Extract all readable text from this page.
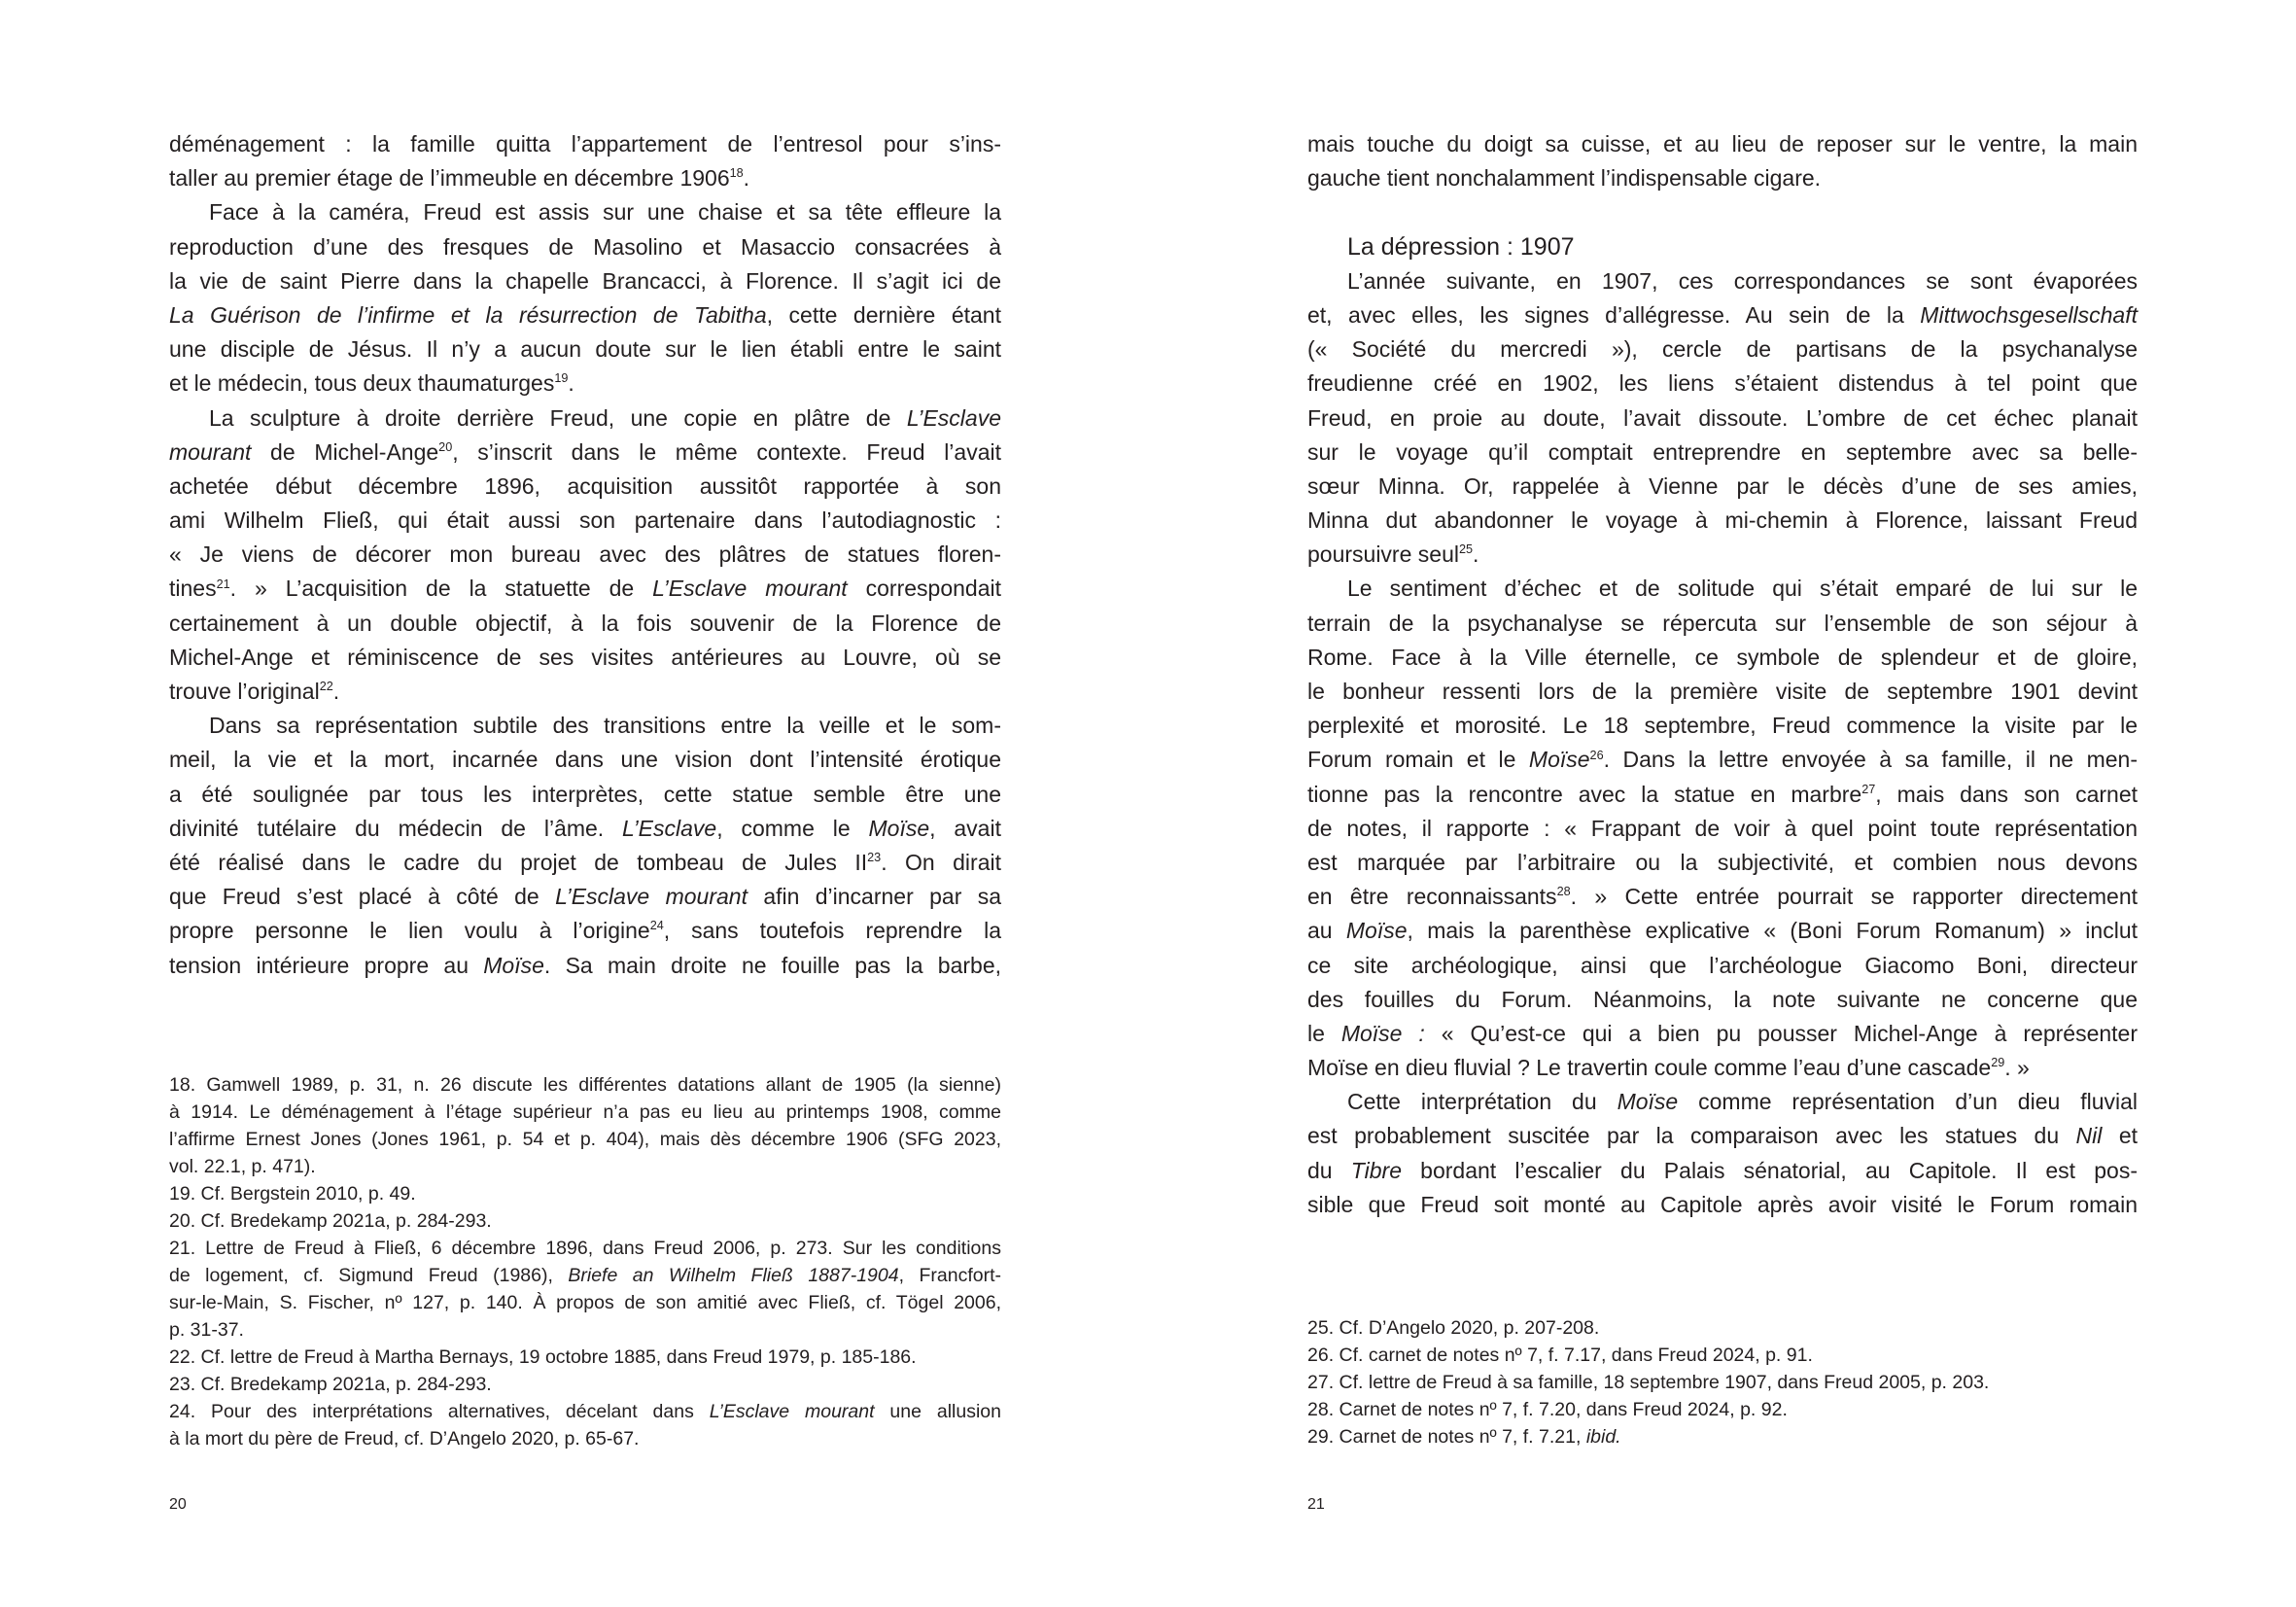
déménagement : la famille quitta l’appartement de l’entresol pour s’ins-
taller au premier étage de l’immeuble en décembre 1906$^{18}$.
Face à la caméra, Freud est assis sur une chaise et sa tête effleure la
reproduction d’une des fresques de Masolino et Masaccio consacrées à
la vie de saint Pierre dans la chapelle Brancacci, à Florence. Il s’agit ici de
La Guérison de l’infirme et la résurrection de Tabitha, cette dernière étant
une disciple de Jésus. Il n’y a aucun doute sur le lien établi entre le saint
et le médecin, tous deux thaumaturges$^{19}$.
La sculpture à droite derrière Freud, une copie en plâtre de L’Esclave
mourant de Michel-Ange$^{20}$, s’inscrit dans le même contexte. Freud l’avait
achetée début décembre 1896, acquisition aussitôt rapportée à son
ami Wilhelm Fließ, qui était aussi son partenaire dans l’autodiagnostic :
« Je viens de décorer mon bureau avec des plâtres de statues floren-
tines$^{21}$. » L’acquisition de la statuette de L’Esclave mourant correspondait
certainement à un double objectif, à la fois souvenir de la Florence de
Michel-Ange et réminiscence de ses visites antérieures au Louvre, où se
trouve l’original$^{22}$.
Dans sa représentation subtile des transitions entre la veille et le som-
meil, la vie et la mort, incarnée dans une vision dont l’intensité érotique
a été soulignée par tous les interprètes, cette statue semble être une
divinité tutélaire du médecin de l’âme. L’Esclave, comme le Moïse, avait
été réalisé dans le cadre du projet de tombeau de Jules II$^{23}$. On dirait
que Freud s’est placé à côté de L’Esclave mourant afin d’incarner par sa
propre personne le lien voulu à l’origine$^{24}$, sans toutefois reprendre la
tension intérieure propre au Moïse. Sa main droite ne fouille pas la barbe,
18. Gamwell 1989, p. 31, n. 26 discute les différentes datations allant de 1905 (la sienne)
à 1914. Le déménagement à l’étage supérieur n’a pas eu lieu au printemps 1908, comme
l’affirme Ernest Jones (Jones 1961, p. 54 et p. 404), mais dès décembre 1906 (SFG 2023,
vol. 22.1, p. 471).
19. Cf. Bergstein 2010, p. 49.
20. Cf. Bredekamp 2021a, p. 284-293.
21. Lettre de Freud à Fließ, 6 décembre 1896, dans Freud 2006, p. 273. Sur les conditions
de logement, cf. Sigmund Freud (1986), Briefe an Wilhelm Fließ 1887-1904, Francfort-
sur-le-Main, S. Fischer, nº 127, p. 140. À propos de son amitié avec Fließ, cf. Tögel 2006,
p. 31-37.
22. Cf. lettre de Freud à Martha Bernays, 19 octobre 1885, dans Freud 1979, p. 185-186.
23. Cf. Bredekamp 2021a, p. 284-293.
24. Pour des interprétations alternatives, décelant dans L’Esclave mourant une allusion
à la mort du père de Freud, cf. D’Angelo 2020, p. 65-67.
20
mais touche du doigt sa cuisse, et au lieu de reposer sur le ventre, la main
gauche tient nonchalamment l’indispensable cigare.
La dépression : 1907
L’année suivante, en 1907, ces correspondances se sont évaporées
et, avec elles, les signes d’allégresse. Au sein de la Mittwochsgesellschaft
(« Société du mercredi »), cercle de partisans de la psychanalyse
freudienne créé en 1902, les liens s’étaient distendus à tel point que
Freud, en proie au doute, l’avait dissoute. L’ombre de cet échec planait
sur le voyage qu’il comptait entreprendre en septembre avec sa belle-
sœur Minna. Or, rappelée à Vienne par le décès d’une de ses amies,
Minna dut abandonner le voyage à mi-chemin à Florence, laissant Freud
poursuivre seul$^{25}$.
Le sentiment d’échec et de solitude qui s’était emparé de lui sur le
terrain de la psychanalyse se répercuta sur l’ensemble de son séjour à
Rome. Face à la Ville éternelle, ce symbole de splendeur et de gloire,
le bonheur ressenti lors de la première visite de septembre 1901 devint
perplexité et morosité. Le 18 septembre, Freud commence la visite par le
Forum romain et le Moïse$^{26}$. Dans la lettre envoyée à sa famille, il ne men-
tionne pas la rencontre avec la statue en marbre$^{27}$, mais dans son carnet
de notes, il rapporte : « Frappant de voir à quel point toute représentation
est marquée par l’arbitraire ou la subjectivité, et combien nous devons
en être reconnaissants$^{28}$. » Cette entrée pourrait se rapporter directement
au Moïse, mais la parenthèse explicative « (Boni Forum Romanum) » inclut
ce site archéologique, ainsi que l’archéologue Giacomo Boni, directeur
des fouilles du Forum. Néanmoins, la note suivante ne concerne que
le Moïse : « Qu’est-ce qui a bien pu pousser Michel-Ange à représenter
Moïse en dieu fluvial ? Le travertin coule comme l’eau d’une cascade$^{29}$. »
Cette interprétation du Moïse comme représentation d’un dieu fluvial
est probablement suscitée par la comparaison avec les statues du Nil et
du Tibre bordant l’escalier du Palais sénatorial, au Capitole. Il est pos-
sible que Freud soit monté au Capitole après avoir visité le Forum romain
25. Cf. D’Angelo 2020, p. 207-208.
26. Cf. carnet de notes nº 7, f. 7.17, dans Freud 2024, p. 91.
27. Cf. lettre de Freud à sa famille, 18 septembre 1907, dans Freud 2005, p. 203.
28. Carnet de notes nº 7, f. 7.20, dans Freud 2024, p. 92.
29. Carnet de notes nº 7, f. 7.21, ibid.
21
